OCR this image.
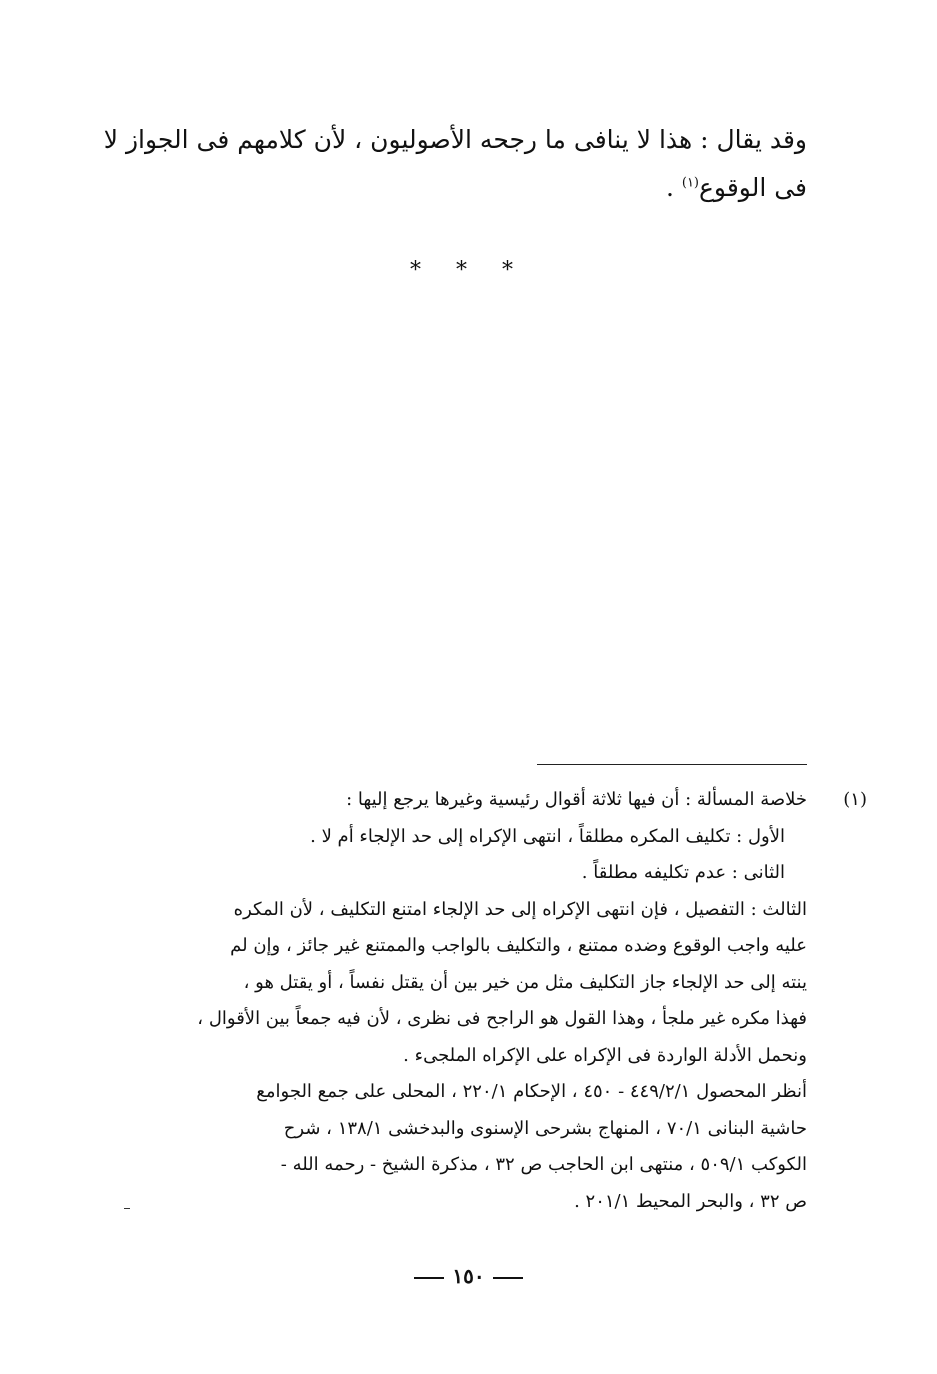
وقد يقال : هذا لا ينافى ما رجحه الأصوليون ، لأن كلامهم فى الجواز لا
فى الوقوع$^{(١)}$ .
* * *
(١)
خلاصة المسألة : أن فيها ثلاثة أقوال رئيسية وغيرها يرجع إليها :
الأول : تكليف المكره مطلقاً ، انتهى الإكراه إلى حد الإلجاء أم لا .
الثانى : عدم تكليفه مطلقاً .
الثالث : التفصيل ، فإن انتهى الإكراه إلى حد الإلجاء امتنع التكليف ، لأن المكره
عليه واجب الوقوع وضده ممتنع ، والتكليف بالواجب والممتنع غير جائز ، وإن لم
ينته إلى حد الإلجاء جاز التكليف مثل من خير بين أن يقتل نفساً ، أو يقتل هو ،
فهذا مكره غير ملجأ ، وهذا القول هو الراجح فى نظرى ، لأن فيه جمعاً بين الأقوال ،
ونحمل الأدلة الواردة فى الإكراه على الإكراه الملجىء .
أنظر المحصول ٤٤٩/٢/١ - ٤٥٠ ، الإحكام ٢٢٠/١ ، المحلى على جمع الجوامع
حاشية البنانى ٧٠/١ ، المنهاج بشرحى الإسنوى والبدخشى ١٣٨/١ ، شرح
الكوكب ٥٠٩/١ ، منتهى ابن الحاجب ص ٣٢ ، مذكرة الشيخ - رحمه الله -
ص ٣٢ ، والبحر المحيط ٢٠١/١ .
١٥٠
